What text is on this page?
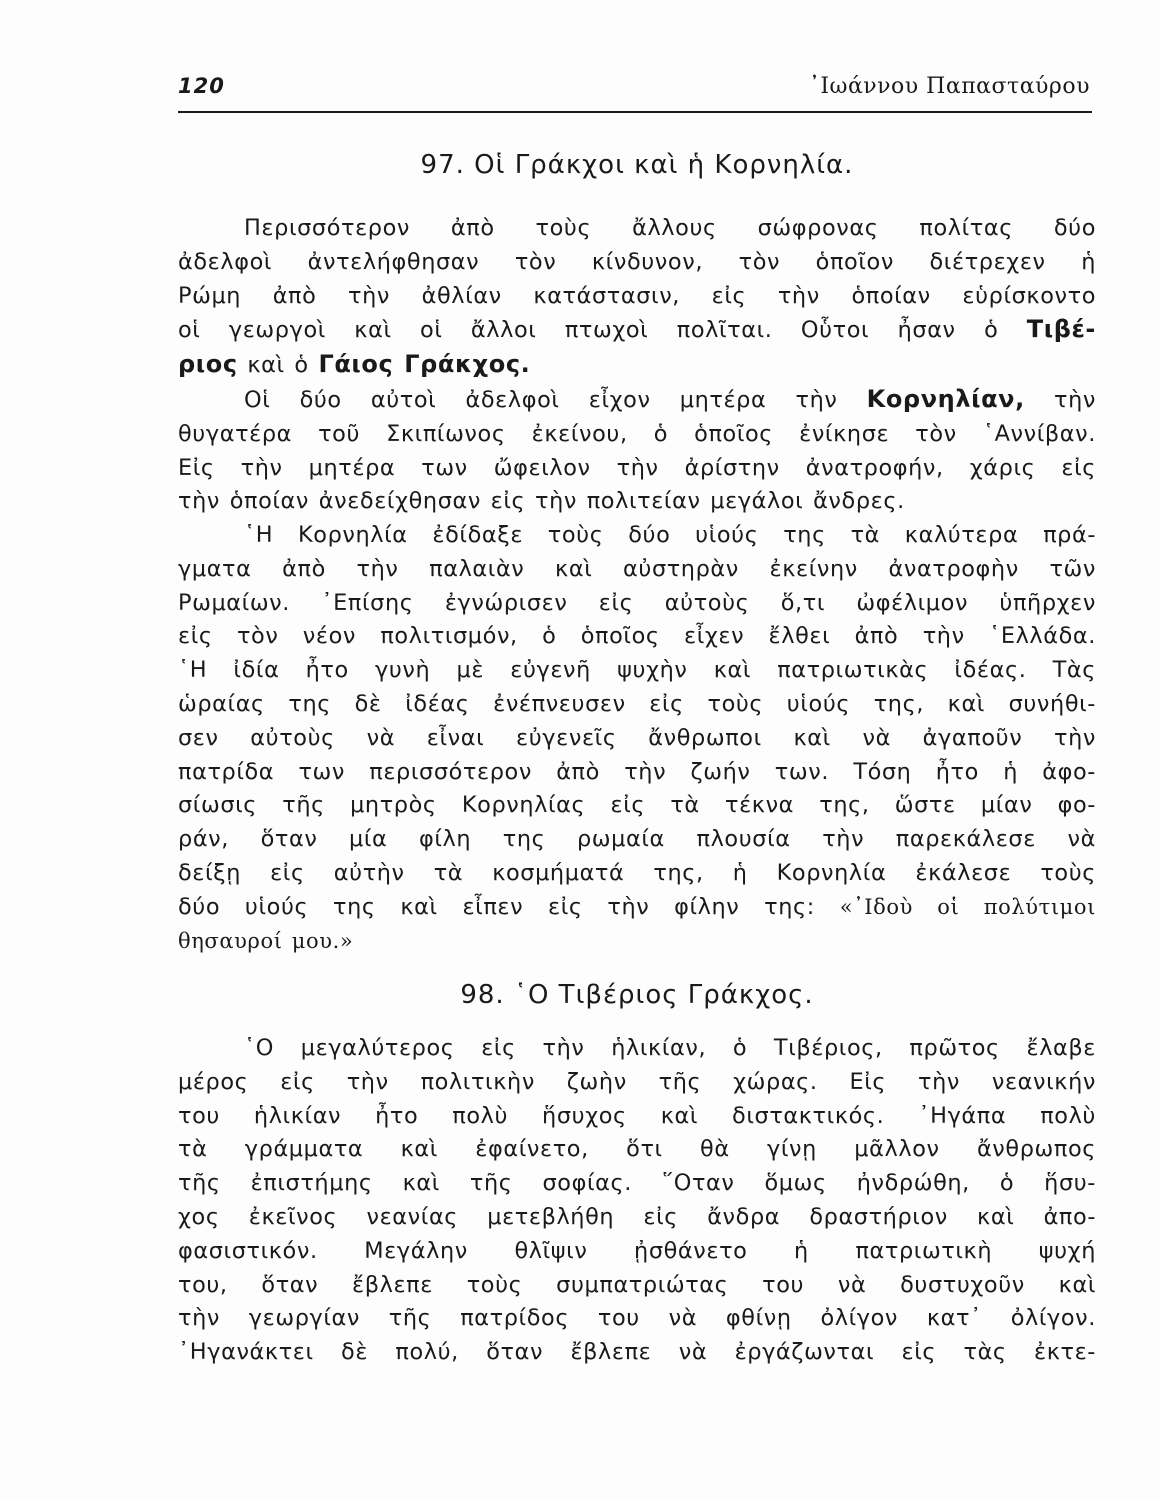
120	᾿Ιωάννου Παπασταύρου
97. Οἱ Γράκχοι καὶ ἡ Κορνηλία.
Περισσότερον ἀπὸ τοὺς ἄλλους σώφρονας πολίτας δύο
ἀδελφοὶ ἀντελήφθησαν τὸν κίνδυνον, τὸν ὁποῖον διέτρεχεν ἡ
Ρώμη ἀπὸ τὴν ἀθλίαν κατάστασιν, εἰς τὴν ὁποίαν εὑρίσκοντο
οἱ γεωργοὶ καὶ οἱ ἄλλοι πτωχοὶ πολῖται. Οὗτοι ἦσαν ὁ Τιβέ-
ριος καὶ ὁ Γάιος Γράκχος.
Οἱ δύο αὐτοὶ ἀδελφοὶ εἶχον μητέρα τὴν Κορνηλίαν, τὴν
θυγατέρα τοῦ Σκιπίωνος ἐκείνου, ὁ ὁποῖος ἐνίκησε τὸν ῾Αννίβαν.
Εἰς τὴν μητέρα των ὤφειλον τὴν ἀρίστην ἀνατροφήν, χάρις εἰς
τὴν ὁποίαν ἀνεδείχθησαν εἰς τὴν πολιτείαν μεγάλοι ἄνδρες.
῾Η Κορνηλία ἐδίδαξε τοὺς δύο υἱούς της τὰ καλύτερα πρά-
γματα ἀπὸ τὴν παλαιὰν καὶ αὐστηρὰν ἐκείνην ἀνατροφὴν τῶν
Ρωμαίων. ᾿Επίσης ἐγνώρισεν εἰς αὐτοὺς ὅ,τι ὠφέλιμον ὑπῆρχεν
εἰς τὸν νέον πολιτισμόν, ὁ ὁποῖος εἶχεν ἔλθει ἀπὸ τὴν ῾Ελλάδα.
῾Η ἰδία ἦτο γυνὴ μὲ εὐγενῆ ψυχὴν καὶ πατριωτικὰς ἰδέας. Τὰς
ὡραίας της δὲ ἰδέας ἐνέπνευσεν εἰς τοὺς υἱούς της, καὶ συνήθι-
σεν αὐτοὺς νὰ εἶναι εὐγενεῖς ἄνθρωποι καὶ νὰ ἀγαποῦν τὴν
πατρίδα των περισσότερον ἀπὸ τὴν ζωήν των. Τόση ἦτο ἡ ἀφο-
σίωσις τῆς μητρὸς Κορνηλίας εἰς τὰ τέκνα της, ὥστε μίαν φο-
ράν, ὅταν μία φίλη της ρωμαία πλουσία τὴν παρεκάλεσε νὰ
δείξῃ εἰς αὐτὴν τὰ κοσμήματά της, ἡ Κορνηλία ἐκάλεσε τοὺς
δύο υἱούς της καὶ εἶπεν εἰς τὴν φίλην της: «᾿Ιδοὺ οἱ πολύτιμοι
θησαυροί μου.»
98. ῾Ο Τιβέριος Γράκχος.
῾Ο μεγαλύτερος εἰς τὴν ἡλικίαν, ὁ Τιβέριος, πρῶτος ἔλαβε
μέρος εἰς τὴν πολιτικὴν ζωὴν τῆς χώρας. Εἰς τὴν νεανικήν
του ἡλικίαν ἦτο πολὺ ἥσυχος καὶ διστακτικός. ᾿Ηγάπα πολὺ
τὰ γράμματα καὶ ἐφαίνετο, ὅτι θὰ γίνῃ μᾶλλον ἄνθρωπος
τῆς ἐπιστήμης καὶ τῆς σοφίας. ῞Οταν ὅμως ἠνδρώθη, ὁ ἥσυ-
χος ἐκεῖνος νεανίας μετεβλήθη εἰς ἄνδρα δραστήριον καὶ ἀπο-
φασιστικόν. Μεγάλην θλῖψιν ᾐσθάνετο ἡ πατριωτικὴ ψυχή
του, ὅταν ἔβλεπε τοὺς συμπατριώτας του νὰ δυστυχοῦν καὶ
τὴν γεωργίαν τῆς πατρίδος του νὰ φθίνῃ ὀλίγον κατ᾿ ὀλίγον.
᾿Ηγανάκτει δὲ πολύ, ὅταν ἔβλεπε νὰ ἐργάζωνται εἰς τὰς ἐκτε-
